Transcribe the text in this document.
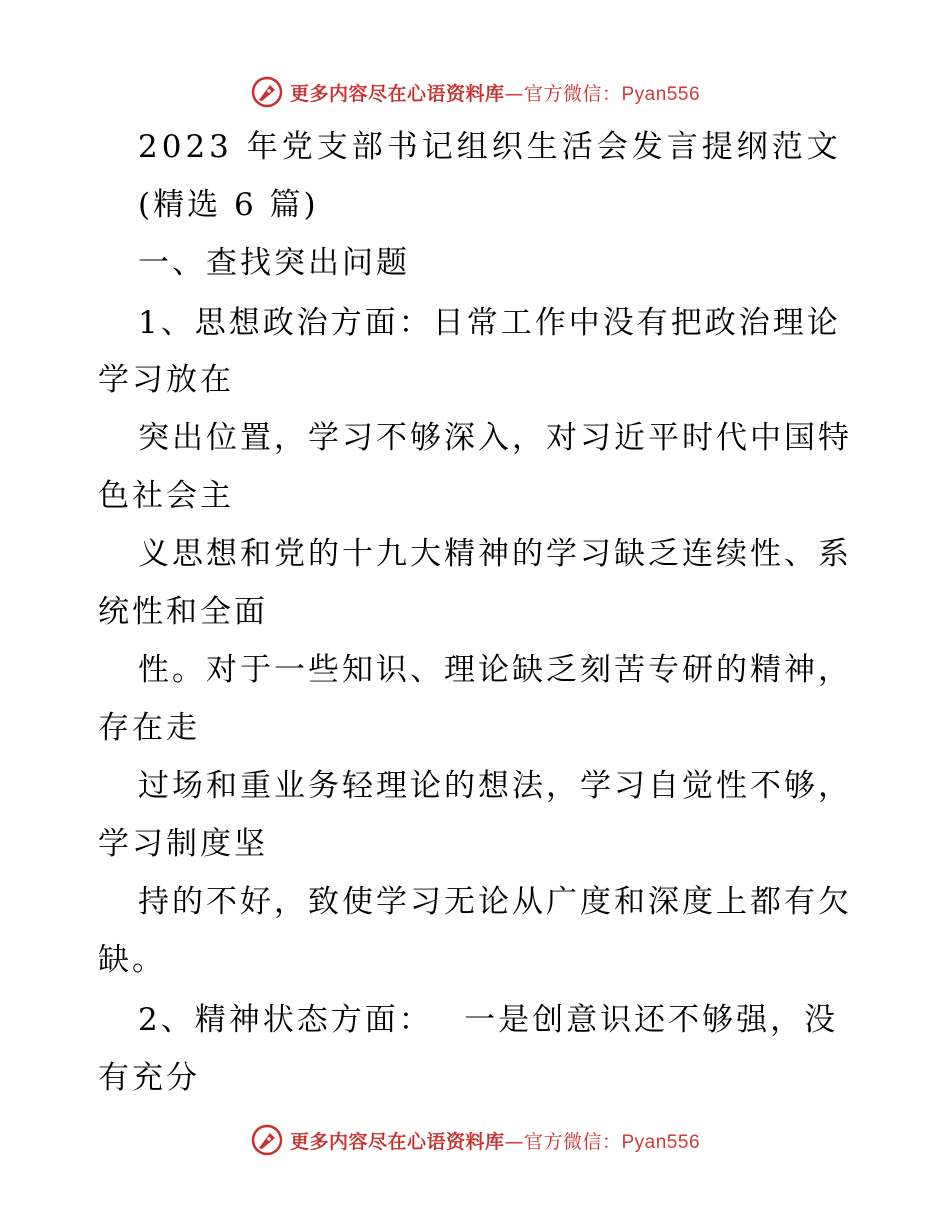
更多内容尽在心语资料库—官方微信：Pyan556
2023 年党支部书记组织生活会发言提纲范文
(精选 6 篇)
一、查找突出问题
1、思想政治方面：日常工作中没有把政治理论
学习放在
突出位置，学习不够深入，对习近平时代中国特
色社会主
义思想和党的十九大精神的学习缺乏连续性、系
统性和全面
性。对于一些知识、理论缺乏刻苦专研的精神，
存在走
过场和重业务轻理论的想法，学习自觉性不够，
学习制度坚
持的不好，致使学习无论从广度和深度上都有欠
缺。
2、精神状态方面：　 一是创意识还不够强，没
有充分
更多内容尽在心语资料库—官方微信：Pyan556
